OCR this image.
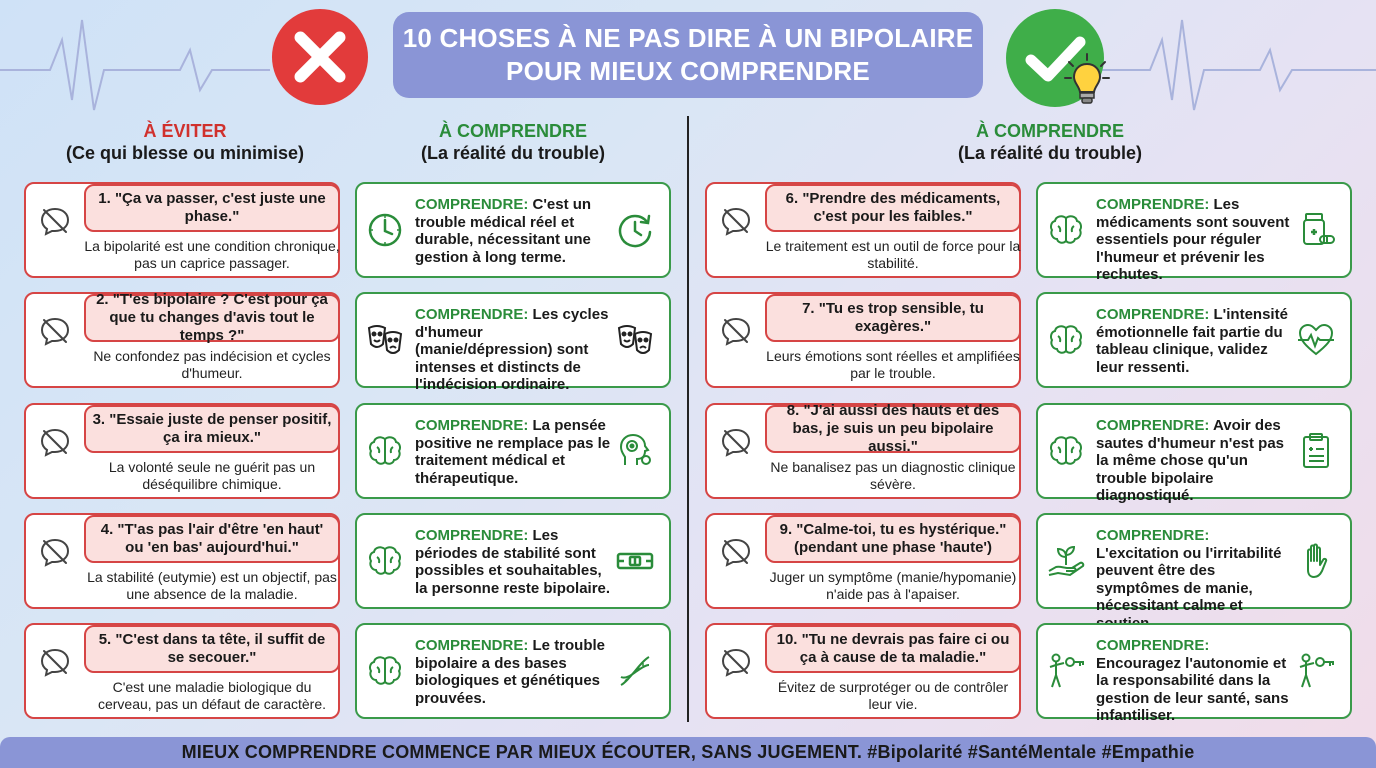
10 CHOSES À NE PAS DIRE À UN BIPOLAIRE
POUR MIEUX COMPRENDRE
À ÉVITER
(Ce qui blesse ou minimise)
À COMPRENDRE
(La réalité du trouble)
À COMPRENDRE
(La réalité du trouble)
1. "Ça va passer, c'est juste une phase."
La bipolarité est une condition chronique, pas un caprice passager.
COMPRENDRE: C'est un trouble médical réel et durable, nécessitant une gestion à long terme.
6. "Prendre des médicaments, c'est pour les faibles."
Le traitement est un outil de force pour la stabilité.
COMPRENDRE: Les médicaments sont souvent essentiels pour réguler l'humeur et prévenir les rechutes.
2. "T'es bipolaire ? C'est pour ça que tu changes d'avis tout le temps ?"
Ne confondez pas indécision et cycles d'humeur.
COMPRENDRE: Les cycles d'humeur (manie/dépression) sont intenses et distincts de l'indécision ordinaire.
7. "Tu es trop sensible, tu exagères."
Leurs émotions sont réelles et amplifiées par le trouble.
COMPRENDRE: L'intensité émotionnelle fait partie du tableau clinique, validez leur ressenti.
3. "Essaie juste de penser positif, ça ira mieux."
La volonté seule ne guérit pas un déséquilibre chimique.
COMPRENDRE: La pensée positive ne remplace pas le traitement médical et thérapeutique.
8. "J'ai aussi des hauts et des bas, je suis un peu bipolaire aussi."
Ne banalisez pas un diagnostic clinique sévère.
COMPRENDRE: Avoir des sautes d'humeur n'est pas la même chose qu'un trouble bipolaire diagnostiqué.
4. "T'as pas l'air d'être 'en haut' ou 'en bas' aujourd'hui."
La stabilité (eutymie) est un objectif, pas une absence de la maladie.
COMPRENDRE: Les périodes de stabilité sont possibles et souhaitables, la personne reste bipolaire.
9. "Calme-toi, tu es hystérique." (pendant une phase 'haute')
Juger un symptôme (manie/hypomanie) n'aide pas à l'apaiser.
COMPRENDRE: L'excitation ou l'irritabilité peuvent être des symptômes de manie, nécessitant calme et
5. "C'est dans ta tête, il suffit de se secouer."
C'est une maladie biologique du cerveau, pas un défaut de caractère.
COMPRENDRE: Le trouble bipolaire a des bases biologiques et génétiques prouvées.
10. "Tu ne devrais pas faire ci ou ça à cause de ta maladie."
Évitez de surprotéger ou de contrôler leur vie.
COMPRENDRE: Encouragez l'autonomie et la responsabilité dans la gestion de leur santé, sans infantiliser.
MIEUX COMPRENDRE COMMENCE PAR MIEUX ÉCOUTER, SANS JUGEMENT. #Bipolarité #SantéMentale #Empathie
